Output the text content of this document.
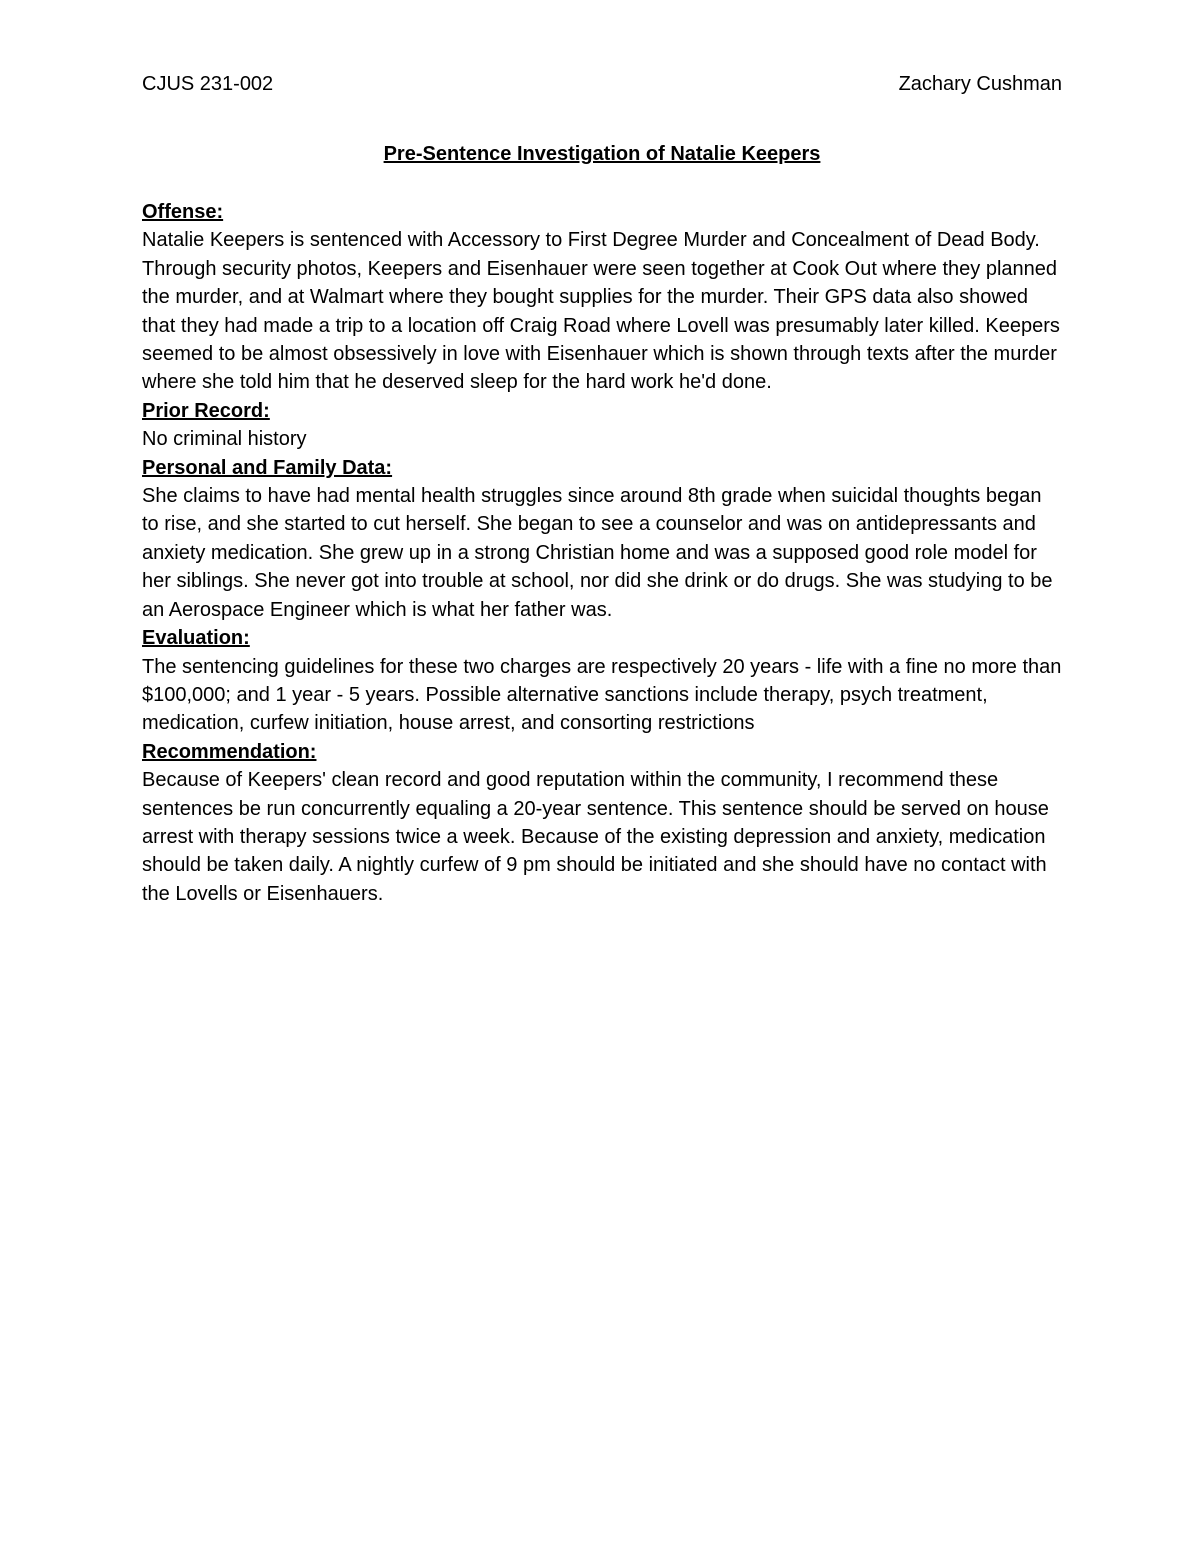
CJUS 231-002	Zachary Cushman
Pre-Sentence Investigation of Natalie Keepers

Offense:

Natalie Keepers is sentenced with Accessory to First Degree Murder and Concealment of Dead Body. Through security photos, Keepers and Eisenhauer were seen together at Cook Out where they planned the murder, and at Walmart where they bought supplies for the murder. Their GPS data also showed that they had made a trip to a location off Craig Road where Lovell was presumably later killed. Keepers seemed to be almost obsessively in love with Eisenhauer which is shown through texts after the murder where she told him that he deserved sleep for the hard work he'd done.

Prior Record:

No criminal history

Personal and Family Data:

She claims to have had mental health struggles since around 8th grade when suicidal thoughts began to rise, and she started to cut herself. She began to see a counselor and was on antidepressants and anxiety medication. She grew up in a strong Christian home and was a supposed good role model for her siblings. She never got into trouble at school, nor did she drink or do drugs. She was studying to be an Aerospace Engineer which is what her father was.

Evaluation:

The sentencing guidelines for these two charges are respectively 20 years - life with a fine no more than $100,000; and 1 year - 5 years. Possible alternative sanctions include therapy, psych treatment, medication, curfew initiation, house arrest, and consorting restrictions

Recommendation:

Because of Keepers' clean record and good reputation within the community, I recommend these sentences be run concurrently equaling a 20-year sentence. This sentence should be served on house arrest with therapy sessions twice a week. Because of the existing depression and anxiety, medication should be taken daily. A nightly curfew of 9 pm should be initiated and she should have no contact with the Lovells or Eisenhauers.
